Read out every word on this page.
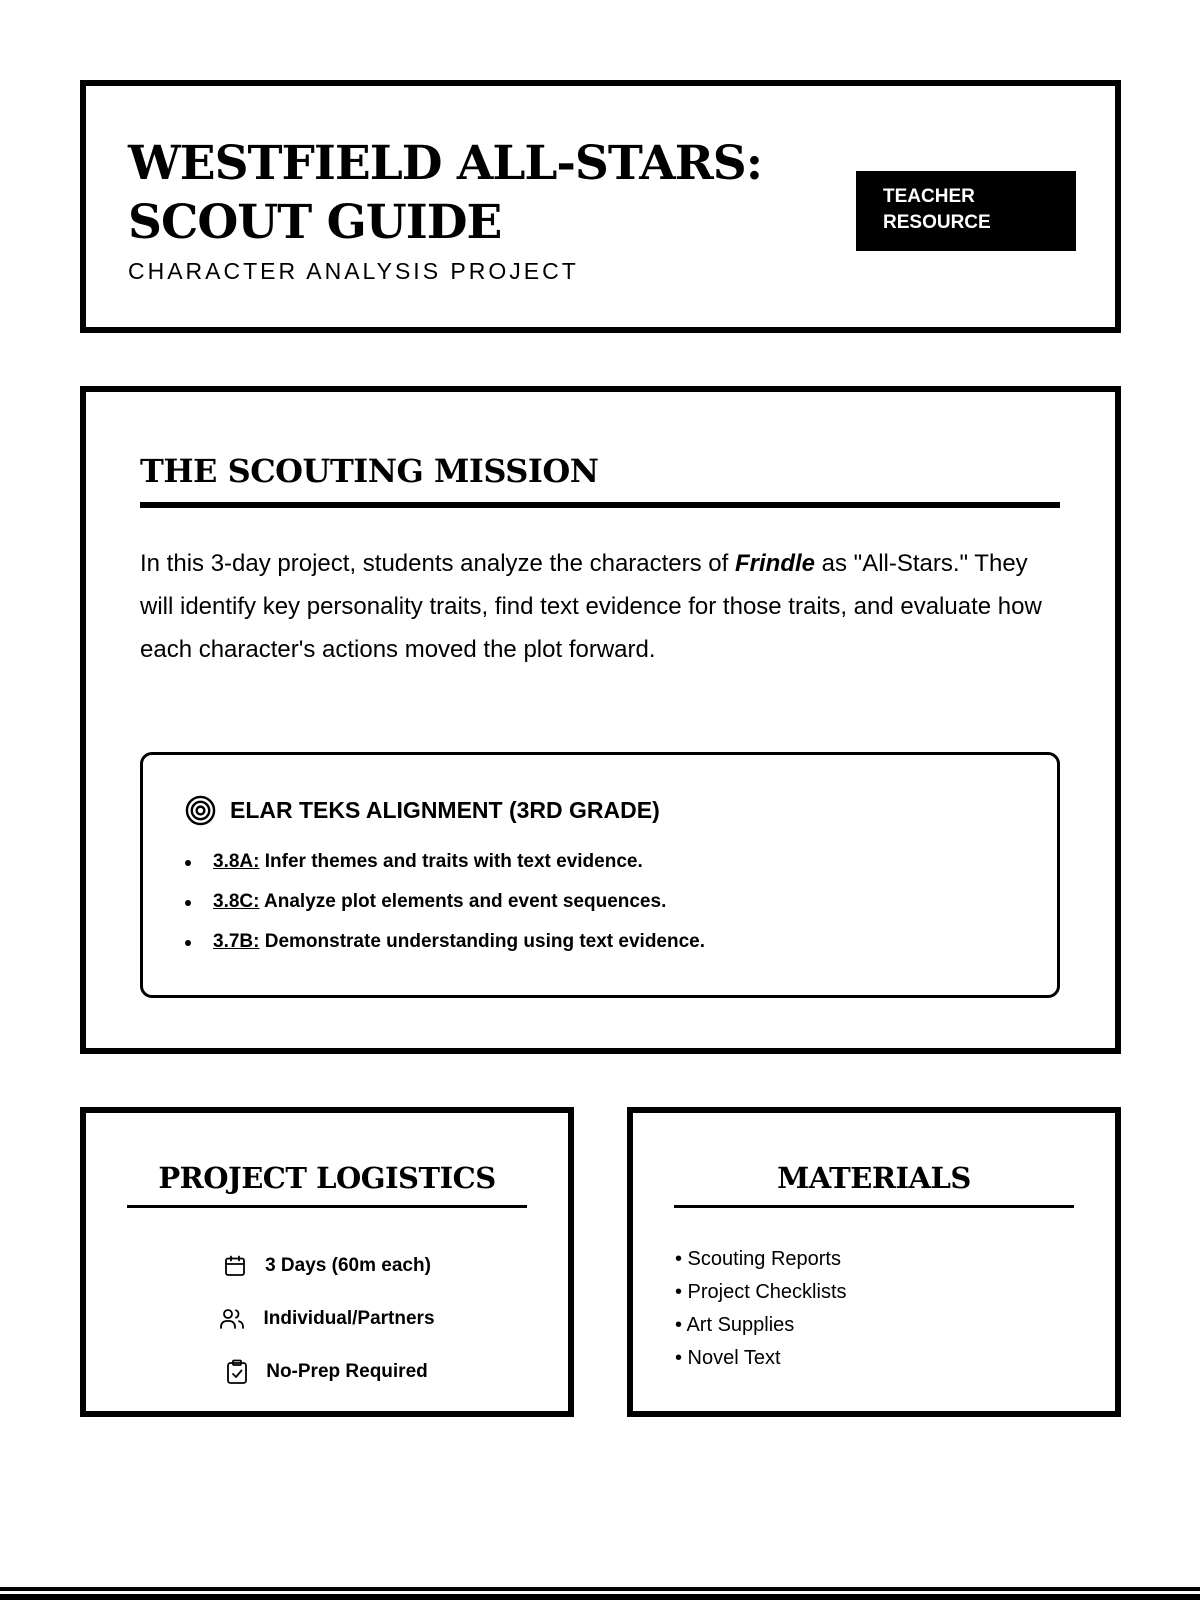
WESTFIELD ALL-STARS:
SCOUT GUIDE
CHARACTER ANALYSIS PROJECT
TEACHER
RESOURCE
THE SCOUTING MISSION

In this 3-day project, students analyze the characters of Frindle as "All-Stars." They will identify key personality traits, find text evidence for those traits, and evaluate how each character's actions moved the plot forward.

ELAR TEKS ALIGNMENT (3RD GRADE)
3.8A: Infer themes and traits with text evidence.
3.8C: Analyze plot elements and event sequences.
3.7B: Demonstrate understanding using text evidence.
PROJECT LOGISTICS
3 Days (60m each)
Individual/Partners
No-Prep Required
MATERIALS
• Scouting Reports
• Project Checklists
• Art Supplies
• Novel Text
